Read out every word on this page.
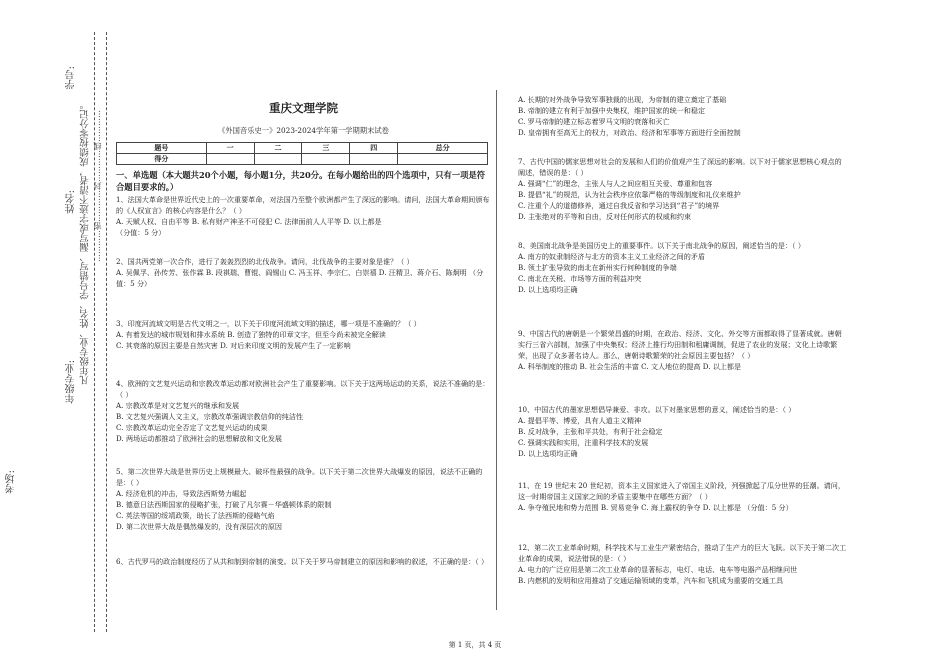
学号:
姓名:
年级专业:
考场:
凡年级专业、姓名、学号错写、漏写或字迹不清者，成绩按零分记。 …………密…………封…………线…………
重庆文理学院
《外国音乐史一》2023-2024学年第一学期期末试卷
题号	一	二	三	四	总分
得分					
一、单选题（本大题共20个小题，每小题1分，共20分。在每小题给出的四个选项中，只有一项是符合题目要求的。）

1、法国大革命是世界近代史上的一次重要革命，对法国乃至整个欧洲都产生了深远的影响。请问，法国大革命期间颁布的《人权宣言》的核心内容是什么？（ ）

A. 天赋人权、自由平等 B. 私有财产神圣不可侵犯 C. 法律面前人人平等 D. 以上都是

（分值：5 分）

2、国共两党第一次合作，进行了轰轰烈烈的北伐战争。请问，北伐战争的主要对象是谁？（ ）

A. 吴佩孚、孙传芳、张作霖 B. 段祺瑞、曹锟、阎锡山 C. 冯玉祥、李宗仁、白崇禧 D. 汪精卫、蒋介石、陈炯明 （分值：5 分）

3、印度河流域文明是古代文明之一，以下关于印度河流域文明的描述，哪一项是不准确的？（ ）

A. 有着发达的城市规划和排水系统 B. 创造了独特的印章文字，但至今尚未被完全解读

C. 其衰落的原因主要是自然灾害 D. 对后来印度文明的发展产生了一定影响

4、欧洲的文艺复兴运动和宗教改革运动都对欧洲社会产生了重要影响。以下关于这两场运动的关系，说法不准确的是：（ ）

A. 宗教改革是对文艺复兴的继承和发展

B. 文艺复兴强调人文主义，宗教改革强调宗教信仰的纯洁性

C. 宗教改革运动完全否定了文艺复兴运动的成果

D. 两场运动都推动了欧洲社会的思想解放和文化发展

5、第二次世界大战是世界历史上规模最大、破坏性最强的战争。以下关于第二次世界大战爆发的原因，说法不正确的是：（ ）

A. 经济危机的冲击，导致法西斯势力崛起

B. 德意日法西斯国家的侵略扩张，打破了凡尔赛－华盛顿体系的限制

C. 英法等国的绥靖政策，助长了法西斯的侵略气焰

D. 第二次世界大战是偶然爆发的，没有深层次的原因

6、古代罗马的政治制度经历了从共和制到帝制的演变。以下关于罗马帝制建立的原因和影响的叙述，不正确的是：（ ）

A. 长期的对外战争导致军事独裁的出现，为帝制的建立奠定了基础

B. 帝制的建立有利于加强中央集权，维护国家的统一和稳定

C. 罗马帝制的建立标志着罗马文明的衰落和灭亡

D. 皇帝拥有至高无上的权力，对政治、经济和军事等方面进行全面控制

7、古代中国的儒家思想对社会的发展和人们的价值观产生了深远的影响。以下对于儒家思想核心观点的阐述，错误的是：（ ）

A. 强调“仁”的理念，主张人与人之间应相互关爱、尊重和包容

B. 提倡“礼”的规范，认为社会秩序应依靠严格的等级制度和礼仪来维护

C. 注重个人的道德修养，通过自我反省和学习达到“君子”的境界

D. 主张绝对的平等和自由，反对任何形式的权威和约束

8、美国南北战争是美国历史上的重要事件。以下关于南北战争的原因，阐述恰当的是：（ ）

A. 南方的奴隶制经济与北方的资本主义工业经济之间的矛盾

B. 领土扩张导致的南北在新州实行何种制度的争端

C. 南北在关税、市场等方面的利益冲突

D. 以上选项均正确

9、中国古代的唐朝是一个繁荣昌盛的时期，在政治、经济、文化、外交等方面都取得了显著成就。唐朝实行三省六部制，加强了中央集权；经济上推行均田制和租庸调制，促进了农业的发展；文化上诗歌繁荣，出现了众多著名诗人。那么，唐朝诗歌繁荣的社会原因主要包括？（ ）

A. 科举制度的推动 B. 社会生活的丰富 C. 文人地位的提高 D. 以上都是

10、中国古代的墨家思想倡导兼爱、非攻。以下对墨家思想的意义，阐述恰当的是：（ ）

A. 提倡平等、博爱，具有人道主义精神

B. 反对战争，主张和平共处，有利于社会稳定

C. 强调实践和实用，注重科学技术的发展

D. 以上选项均正确

11、在 19 世纪末 20 世纪初，资本主义国家进入了帝国主义阶段，列强掀起了瓜分世界的狂潮。请问，这一时期帝国主义国家之间的矛盾主要集中在哪些方面？（ ）

A. 争夺殖民地和势力范围 B. 贸易竞争 C. 海上霸权的争夺 D. 以上都是 （分值：5 分）

12、第二次工业革命时期，科学技术与工业生产紧密结合，推动了生产力的巨大飞跃。以下关于第二次工业革命的成果，说法错误的是：（ ）

A. 电力的广泛应用是第二次工业革命的显著标志，电灯、电话、电车等电器产品相继问世

B. 内燃机的发明和应用推动了交通运输领域的变革，汽车和飞机成为重要的交通工具

第 1 页，共 4 页
